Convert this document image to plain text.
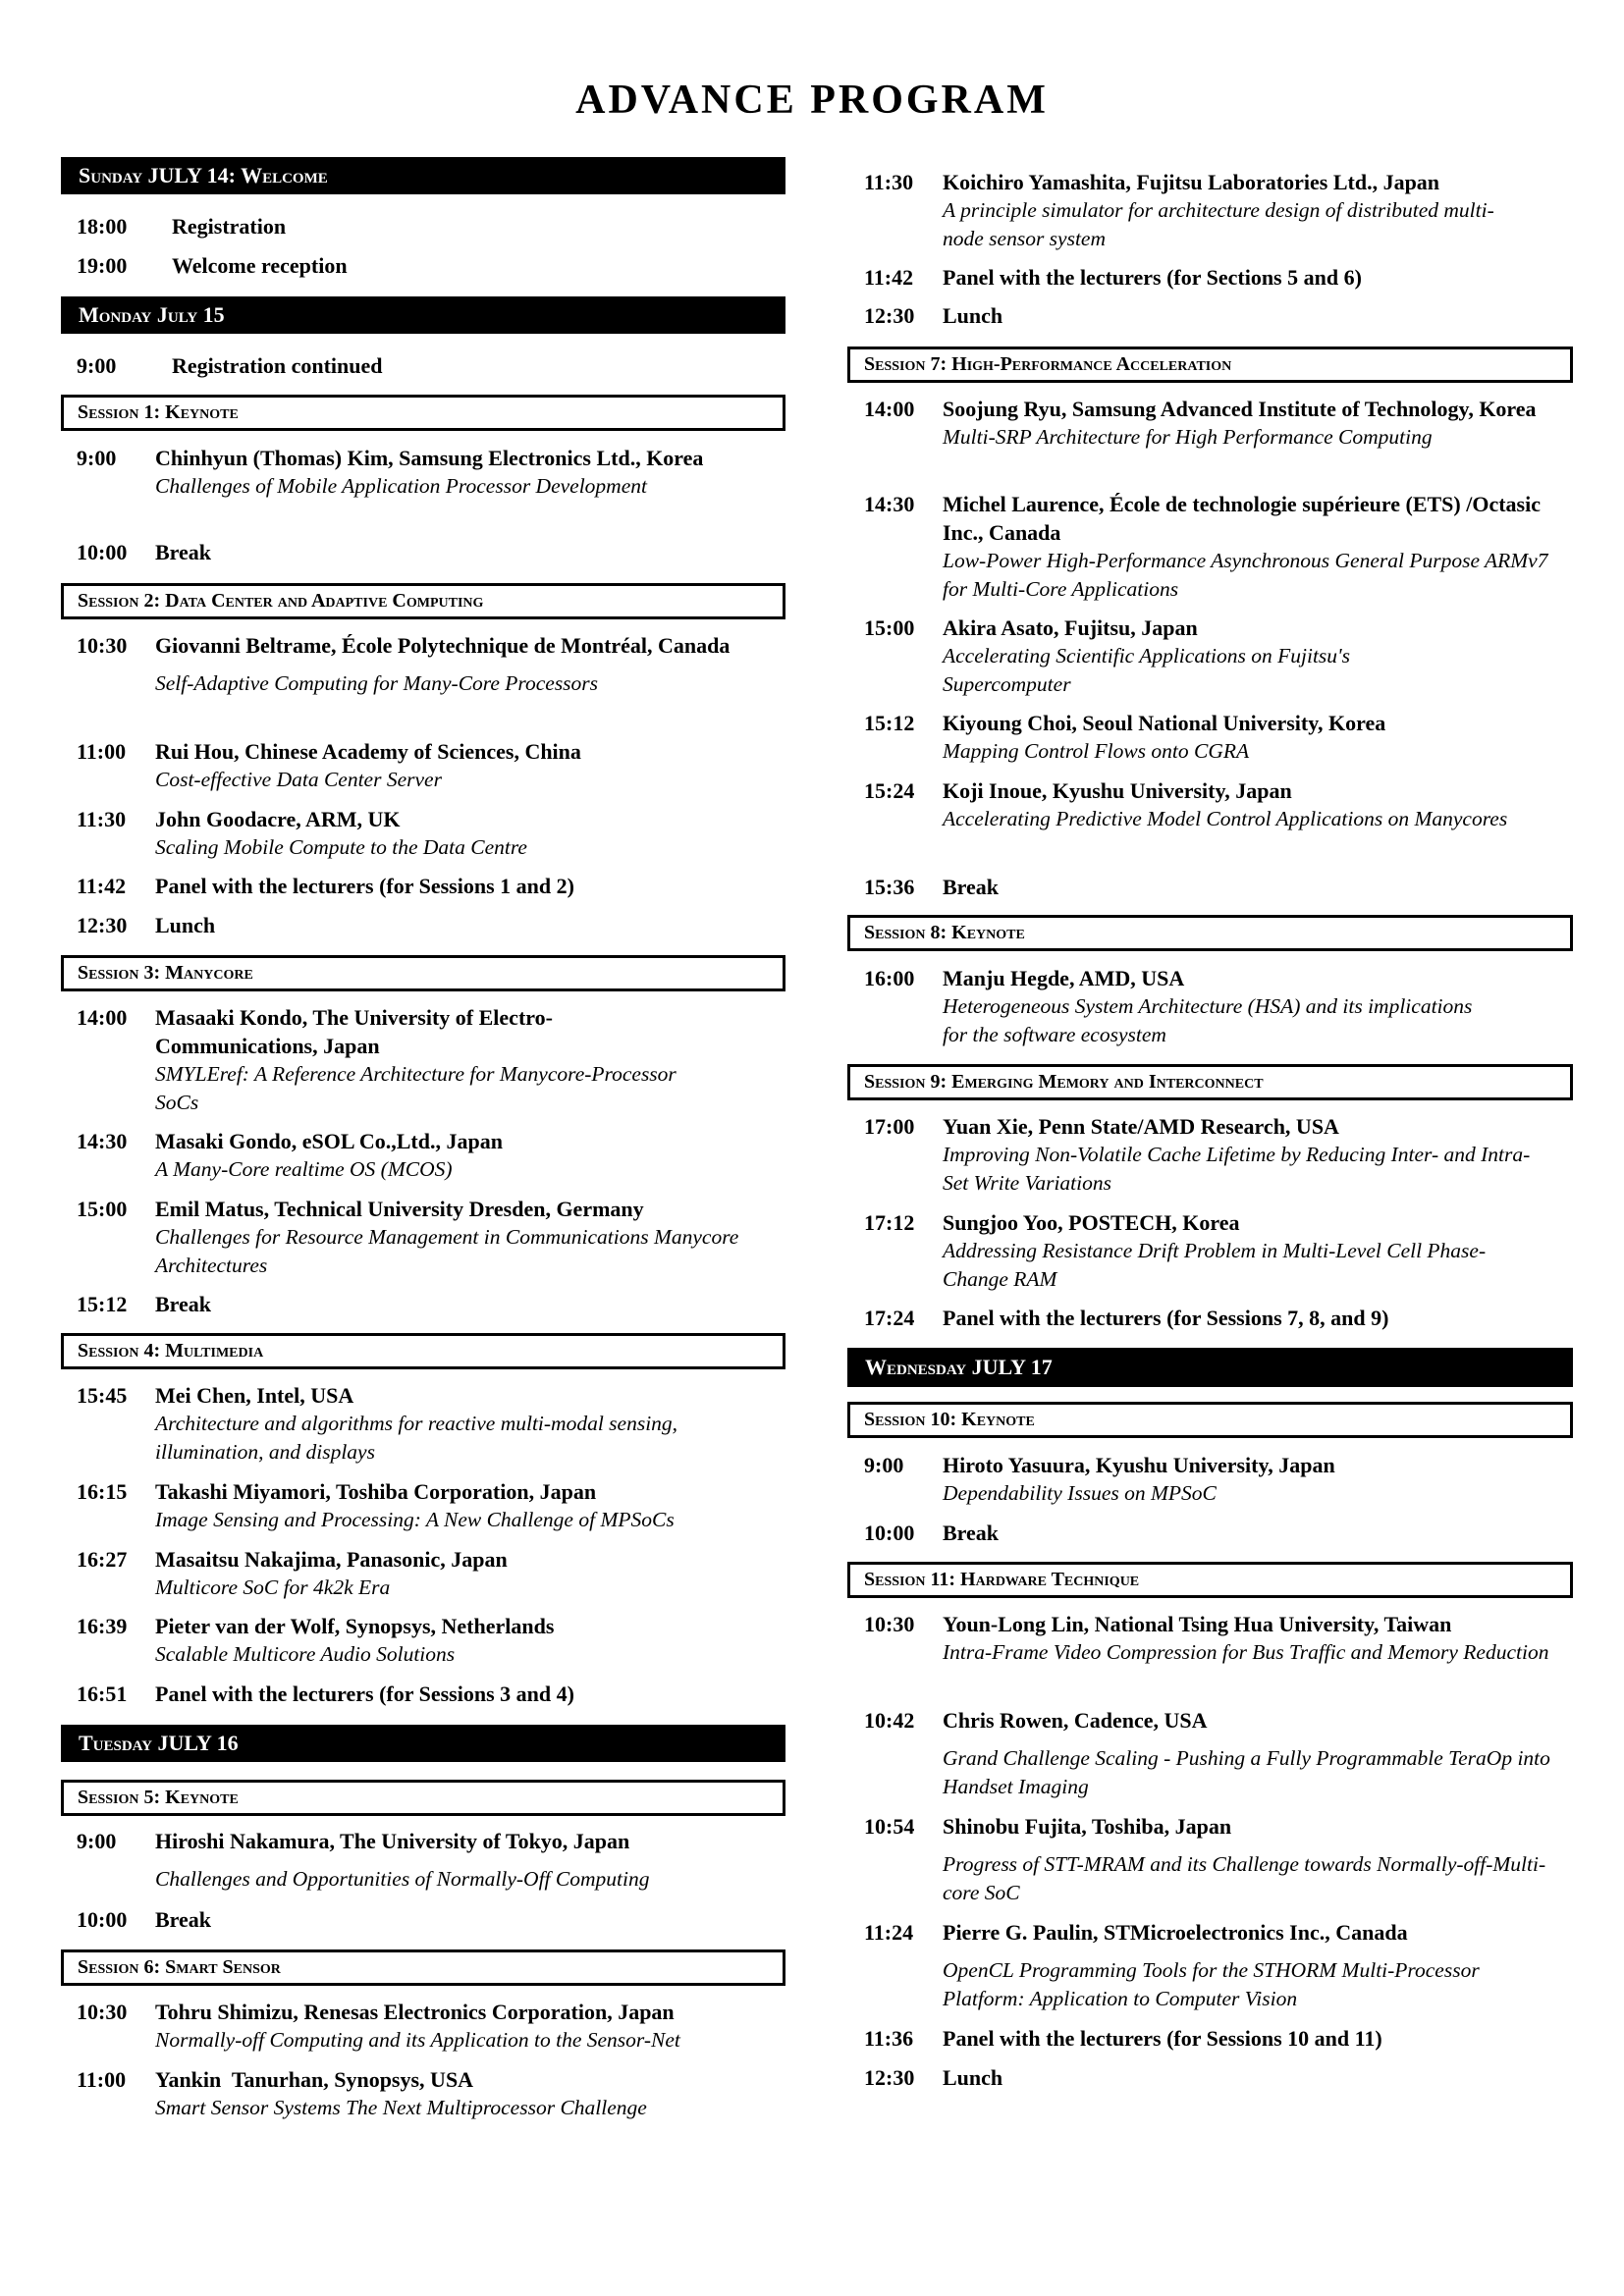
ADVANCE PROGRAM
Sunday JULY 14: Welcome
18:00 Registration
19:00 Welcome reception
Monday July 15
9:00	Registration continued
Session 1: Keynote
9:00 Chinhyun (Thomas) Kim, Samsung Electronics Ltd., Korea
Challenges of Mobile Application Processor Development
10:00 Break
Session 2: Data Center and Adaptive Computing
10:30 Giovanni Beltrame, École Polytechnique de Montréal, Canada
Self-Adaptive Computing for Many-Core Processors
11:00 Rui Hou, Chinese Academy of Sciences, China
Cost-effective Data Center Server
11:30 John Goodacre, ARM, UK
Scaling Mobile Compute to the Data Centre
11:42 Panel with the lecturers (for Sessions 1 and 2)
12:30 Lunch
Session 3: Manycore
14:00 Masaaki Kondo, The University of Electro-Communications, Japan
SMYLEref: A Reference Architecture for Manycore-Processor SoCs
14:30 Masaki Gondo, eSOL Co.,Ltd., Japan
A Many-Core realtime OS (MCOS)
15:00 Emil Matus, Technical University Dresden, Germany
Challenges for Resource Management in Communications Manycore Architectures
15:12 Break
Session 4: Multimedia
15:45 Mei Chen, Intel, USA
Architecture and algorithms for reactive multi-modal sensing, illumination, and displays
16:15 Takashi Miyamori, Toshiba Corporation, Japan
Image Sensing and Processing: A New Challenge of MPSoCs
16:27 Masaitsu Nakajima, Panasonic, Japan
Multicore SoC for 4k2k Era
16:39 Pieter van der Wolf, Synopsys, Netherlands
Scalable Multicore Audio Solutions
16:51 Panel with the lecturers (for Sessions 3 and 4)
Tuesday JULY 16
Session 5: Keynote
9:00 Hiroshi Nakamura, The University of Tokyo, Japan
Challenges and Opportunities of Normally-Off Computing
10:00 Break
Session 6: Smart Sensor
10:30 Tohru Shimizu, Renesas Electronics Corporation, Japan
Normally-off Computing and its Application to the Sensor-Net
11:00 Yankin  Tanurhan, Synopsys, USA
Smart Sensor Systems The Next Multiprocessor Challenge
11:30 Koichiro Yamashita, Fujitsu Laboratories Ltd., Japan
A principle simulator for architecture design of distributed multi-node sensor system
11:42 Panel with the lecturers (for Sections 5 and 6)
12:30 Lunch
Session 7: High-Performance Acceleration
14:00 Soojung Ryu, Samsung Advanced Institute of Technology, Korea
Multi-SRP Architecture for High Performance Computing
14:30 Michel Laurence, École de technologie supérieure (ETS) /Octasic Inc., Canada
Low-Power High-Performance Asynchronous General Purpose ARMv7 for Multi-Core Applications
15:00 Akira Asato, Fujitsu, Japan
Accelerating Scientific Applications on Fujitsu's Supercomputer
15:12 Kiyoung Choi, Seoul National University, Korea
Mapping Control Flows onto CGRA
15:24 Koji Inoue, Kyushu University, Japan
Accelerating Predictive Model Control Applications on Manycores
15:36 Break
Session 8: Keynote
16:00 Manju Hegde, AMD, USA
Heterogeneous System Architecture (HSA) and its implications for the software ecosystem
Session 9: Emerging Memory and Interconnect
17:00 Yuan Xie, Penn State/AMD Research, USA
Improving Non-Volatile Cache Lifetime by Reducing Inter- and Intra-Set Write Variations
17:12 Sungjoo Yoo, POSTECH, Korea
Addressing Resistance Drift Problem in Multi-Level Cell Phase-Change RAM
17:24 Panel with the lecturers (for Sessions 7, 8, and 9)
Wednesday JULY 17
Session 10: Keynote
9:00 Hiroto Yasuura, Kyushu University, Japan
Dependability Issues on MPSoC
10:00 Break
Session 11: Hardware Technique
10:30 Youn-Long Lin, National Tsing Hua University, Taiwan
Intra-Frame Video Compression for Bus Traffic and Memory Reduction
10:42 Chris Rowen, Cadence, USA
Grand Challenge Scaling - Pushing a Fully Programmable TeraOp into Handset Imaging
10:54 Shinobu Fujita, Toshiba, Japan
Progress of STT-MRAM and its Challenge towards Normally-off-Multi-core SoC
11:24 Pierre G. Paulin, STMicroelectronics Inc., Canada
OpenCL Programming Tools for the STHORM Multi-Processor Platform: Application to Computer Vision
11:36 Panel with the lecturers (for Sessions 10 and 11)
12:30 Lunch
